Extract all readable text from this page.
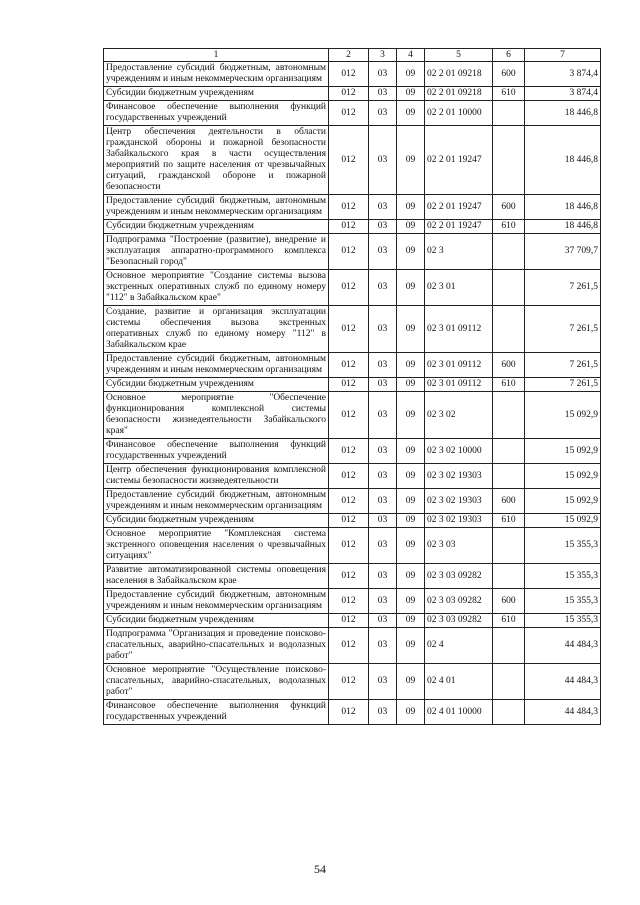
1	2	3	4	5	6	7
Предоставление субсидий бюджетным, автономным учреждениям и иным некоммерческим организациям	012	03	09	02 2 01 09218	600	3 874,4
Субсидии бюджетным учреждениям	012	03	09	02 2 01 09218	610	3 874,4
Финансовое обеспечение выполнения функций государственных учреждений	012	03	09	02 2 01 10000		18 446,8
Центр обеспечения деятельности в области гражданской обороны и пожарной безопасности Забайкальского края в части осуществления мероприятий по защите населения от чрезвычайных ситуаций, гражданской обороне и пожарной безопасности	012	03	09	02 2 01 19247		18 446,8
Предоставление субсидий бюджетным, автономным учреждениям и иным некоммерческим организациям	012	03	09	02 2 01 19247	600	18 446,8
Субсидии бюджетным учреждениям	012	03	09	02 2 01 19247	610	18 446,8
Подпрограмма "Построение (развитие), внедрение и эксплуатация аппаратно-программного комплекса "Безопасный город"	012	03	09	02 3		37 709,7
Основное мероприятие "Создание системы вызова экстренных оперативных служб по единому номеру "112" в Забайкальском крае"	012	03	09	02 3 01		7 261,5
Создание, развитие и организация эксплуатации системы обеспечения вызова экстренных оперативных служб по единому номеру "112" в Забайкальском крае	012	03	09	02 3 01 09112		7 261,5
Предоставление субсидий бюджетным, автономным учреждениям и иным некоммерческим организациям	012	03	09	02 3 01 09112	600	7 261,5
Субсидии бюджетным учреждениям	012	03	09	02 3 01 09112	610	7 261,5
Основное мероприятие "Обеспечение функционирования комплексной системы безопасности жизнедеятельности Забайкальского края"	012	03	09	02 3 02		15 092,9
Финансовое обеспечение выполнения функций государственных учреждений	012	03	09	02 3 02 10000		15 092,9
Центр обеспечения функционирования комплексной системы безопасности жизнедеятельности	012	03	09	02 3 02 19303		15 092,9
Предоставление субсидий бюджетным, автономным учреждениям и иным некоммерческим организациям	012	03	09	02 3 02 19303	600	15 092,9
Субсидии бюджетным учреждениям	012	03	09	02 3 02 19303	610	15 092,9
Основное мероприятие "Комплексная система экстренного оповещения населения о чрезвычайных ситуациях"	012	03	09	02 3 03		15 355,3
Развитие автоматизированной системы оповещения населения в Забайкальском крае	012	03	09	02 3 03 09282		15 355,3
Предоставление субсидий бюджетным, автономным учреждениям и иным некоммерческим организациям	012	03	09	02 3 03 09282	600	15 355,3
Субсидии бюджетным учреждениям	012	03	09	02 3 03 09282	610	15 355,3
Подпрограмма "Организация и проведение поисково-спасательных, аварийно-спасательных и водолазных работ"	012	03	09	02 4		44 484,3
Основное мероприятие "Осуществление поисково-спасательных, аварийно-спасательных, водолазных работ"	012	03	09	02 4 01		44 484,3
Финансовое обеспечение выполнения функций государственных учреждений	012	03	09	02 4 01 10000		44 484,3
54
